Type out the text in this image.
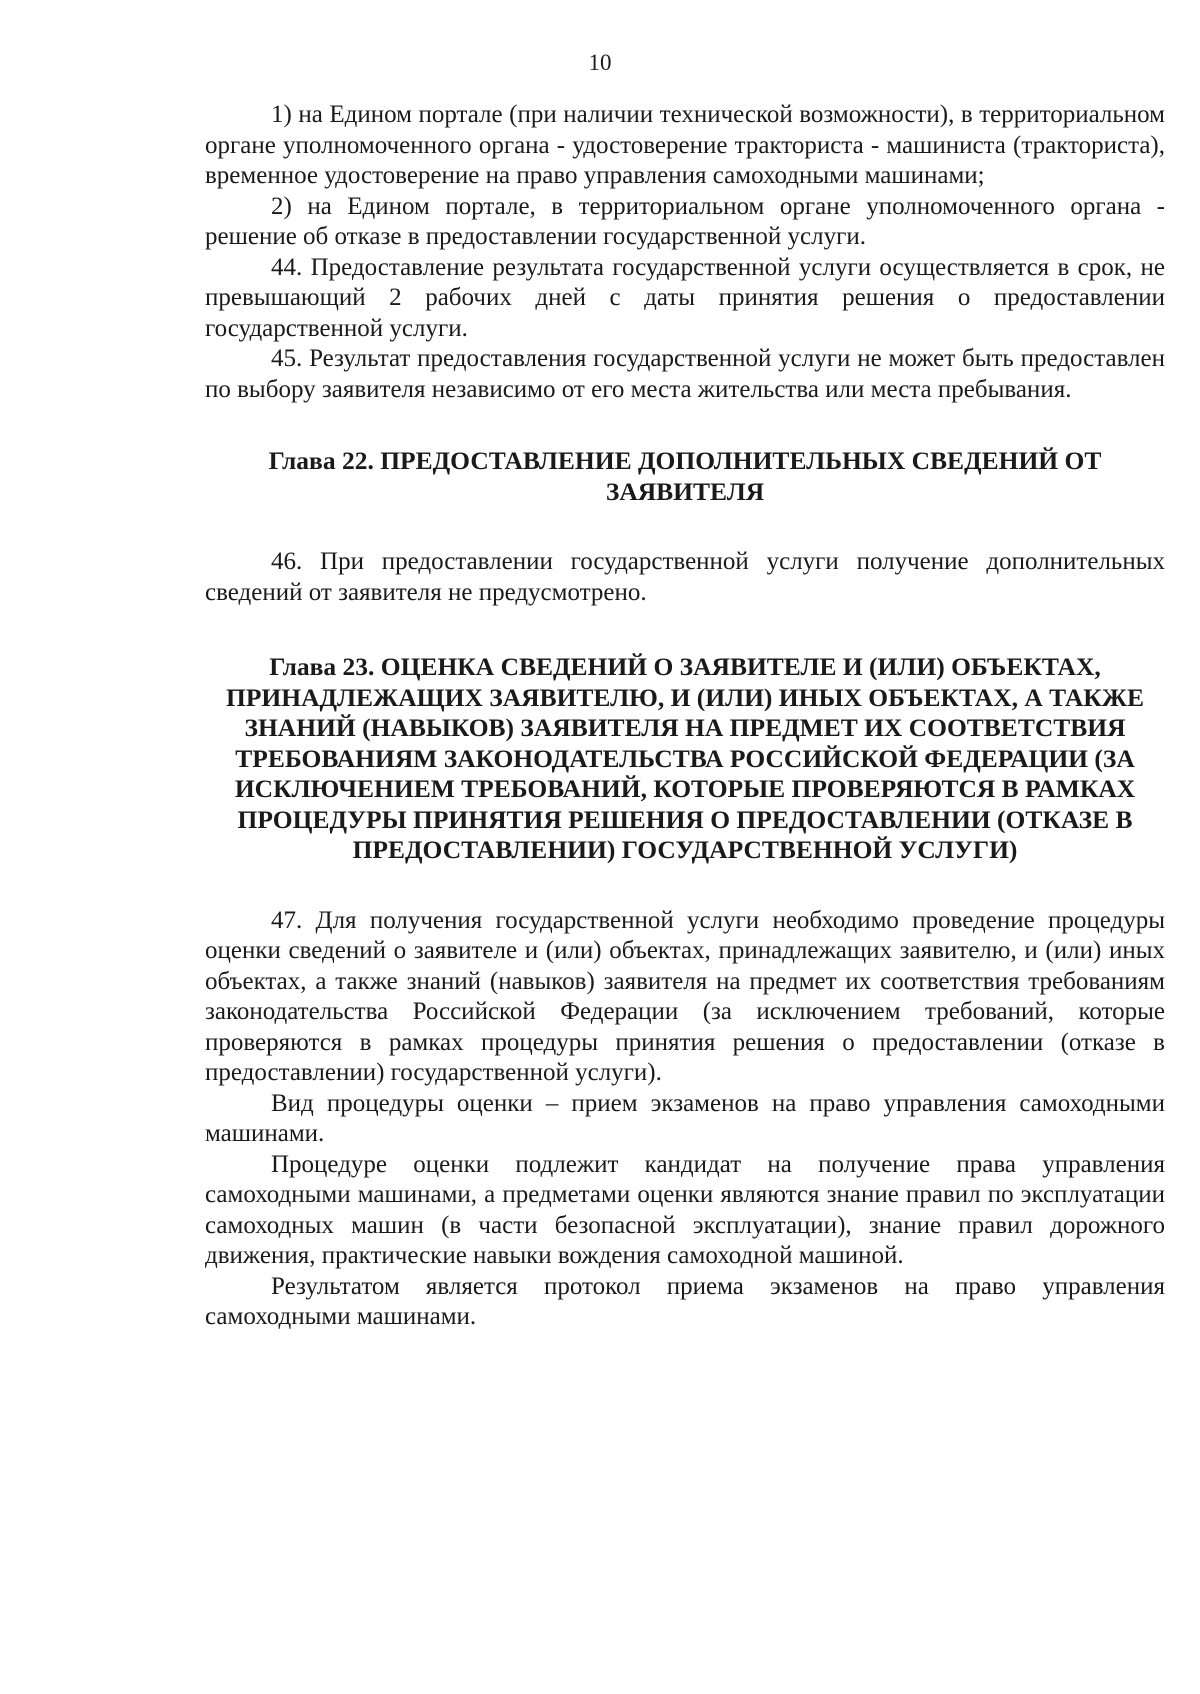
10

1) на Едином портале (при наличии технической возможности), в территориальном органе уполномоченного органа - удостоверение тракториста - машиниста (тракториста), временное удостоверение на право управления самоходными машинами;

2) на Едином портале, в территориальном органе уполномоченного органа - решение об отказе в предоставлении государственной услуги.

44. Предоставление результата государственной услуги осуществляется в срок, не превышающий 2 рабочих дней с даты принятия решения о предоставлении государственной услуги.

45. Результат предоставления государственной услуги не может быть предоставлен по выбору заявителя независимо от его места жительства или места пребывания.

Глава 22. ПРЕДОСТАВЛЕНИЕ ДОПОЛНИТЕЛЬНЫХ СВЕДЕНИЙ ОТ ЗАЯВИТЕЛЯ

46. При предоставлении государственной услуги получение дополнительных сведений от заявителя не предусмотрено.

Глава 23. ОЦЕНКА СВЕДЕНИЙ О ЗАЯВИТЕЛЕ И (ИЛИ) ОБЪЕКТАХ, ПРИНАДЛЕЖАЩИХ ЗАЯВИТЕЛЮ, И (ИЛИ) ИНЫХ ОБЪЕКТАХ, А ТАКЖЕ ЗНАНИЙ (НАВЫКОВ) ЗАЯВИТЕЛЯ НА ПРЕДМЕТ ИХ СООТВЕТСТВИЯ ТРЕБОВАНИЯМ ЗАКОНОДАТЕЛЬСТВА РОССИЙСКОЙ ФЕДЕРАЦИИ (ЗА ИСКЛЮЧЕНИЕМ ТРЕБОВАНИЙ, КОТОРЫЕ ПРОВЕРЯЮТСЯ В РАМКАХ ПРОЦЕДУРЫ ПРИНЯТИЯ РЕШЕНИЯ О ПРЕДОСТАВЛЕНИИ (ОТКАЗЕ В ПРЕДОСТАВЛЕНИИ) ГОСУДАРСТВЕННОЙ УСЛУГИ)

47. Для получения государственной услуги необходимо проведение процедуры оценки сведений о заявителе и (или) объектах, принадлежащих заявителю, и (или) иных объектах, а также знаний (навыков) заявителя на предмет их соответствия требованиям законодательства Российской Федерации (за исключением требований, которые проверяются в рамках процедуры принятия решения о предоставлении (отказе в предоставлении) государственной услуги).

Вид процедуры оценки – прием экзаменов на право управления самоходными машинами.

Процедуре оценки подлежит кандидат на получение права управления самоходными машинами, а предметами оценки являются знание правил по эксплуатации самоходных машин (в части безопасной эксплуатации), знание правил дорожного движения, практические навыки вождения самоходной машиной.

Результатом является протокол приема экзаменов на право управления самоходными машинами.
